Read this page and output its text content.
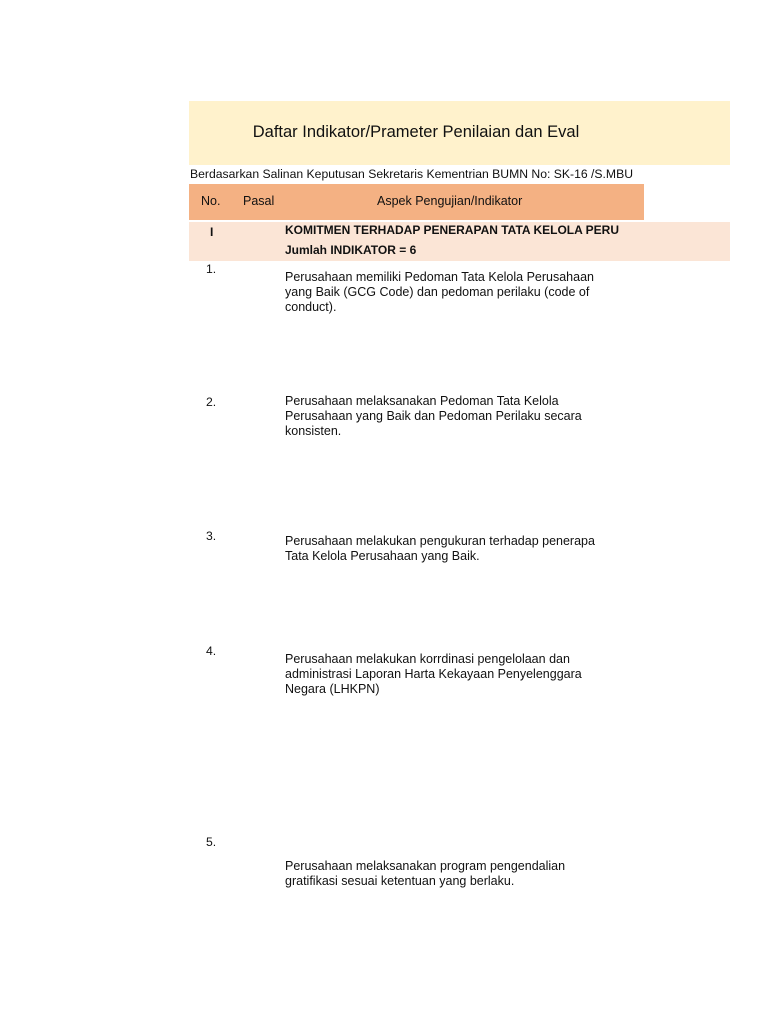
Daftar Indikator/Prameter Penilaian dan Eval
Berdasarkan Salinan Keputusan Sekretaris Kementrian BUMN No: SK-16 /S.MBU
No. Pasal	Aspek Pengujian/Indikator
I	KOMITMEN TERHADAP PENERAPAN TATA KELOLA PERU
Jumlah INDIKATOR = 6
1.
Perusahaan memiliki Pedoman Tata Kelola Perusahaan
yang Baik (GCG Code) dan pedoman perilaku (code of
conduct).
2.	Perusahaan melaksanakan Pedoman Tata Kelola
Perusahaan yang Baik dan Pedoman Perilaku secara
konsisten.
3.	Perusahaan melakukan pengukuran terhadap penerapa
Tata Kelola Perusahaan yang Baik.
4.
Perusahaan melakukan korrdinasi pengelolaan dan
administrasi Laporan Harta Kekayaan Penyelenggara
Negara (LHKPN)
5.
Perusahaan melaksanakan program pengendalian
gratifikasi sesuai ketentuan yang berlaku.
